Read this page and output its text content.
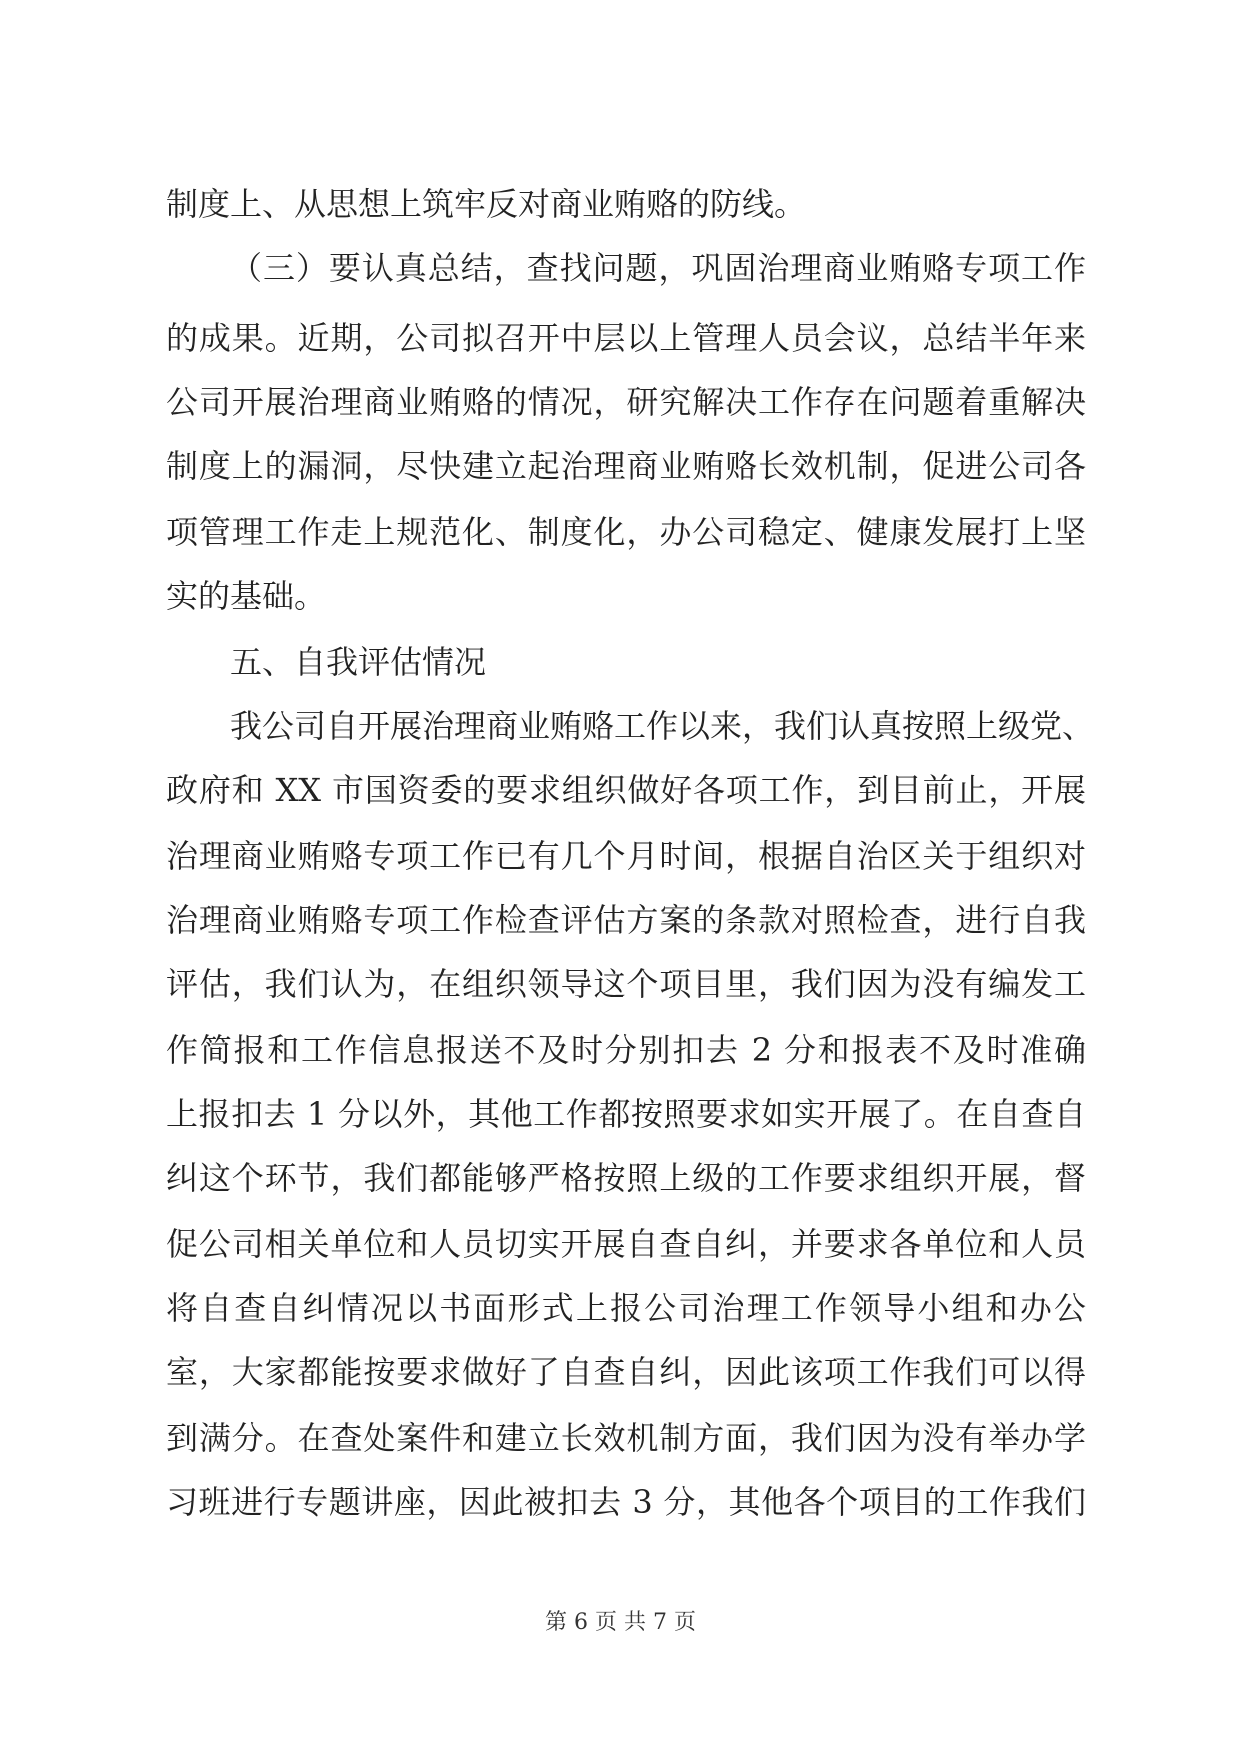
制度上、从思想上筑牢反对商业贿赂的防线。
（三）要认真总结，查找问题，巩固治理商业贿赂专项工作
的成果。近期，公司拟召开中层以上管理人员会议，总结半年来
公司开展治理商业贿赂的情况，研究解决工作存在问题着重解决
制度上的漏洞，尽快建立起治理商业贿赂长效机制，促进公司各
项管理工作走上规范化、制度化，办公司稳定、健康发展打上坚
实的基础。
五、自我评估情况
我公司自开展治理商业贿赂工作以来，我们认真按照上级党、
政府和 XX 市国资委的要求组织做好各项工作，到目前止，开展
治理商业贿赂专项工作已有几个月时间，根据自治区关于组织对
治理商业贿赂专项工作检查评估方案的条款对照检查，进行自我
评估，我们认为，在组织领导这个项目里，我们因为没有编发工
作简报和工作信息报送不及时分别扣去 2 分和报表不及时准确
上报扣去 1 分以外，其他工作都按照要求如实开展了。在自查自
纠这个环节，我们都能够严格按照上级的工作要求组织开展，督
促公司相关单位和人员切实开展自查自纠，并要求各单位和人员
将自查自纠情况以书面形式上报公司治理工作领导小组和办公
室，大家都能按要求做好了自查自纠，因此该项工作我们可以得
到满分。在查处案件和建立长效机制方面，我们因为没有举办学
习班进行专题讲座，因此被扣去 3 分，其他各个项目的工作我们
第 6 页 共 7 页
